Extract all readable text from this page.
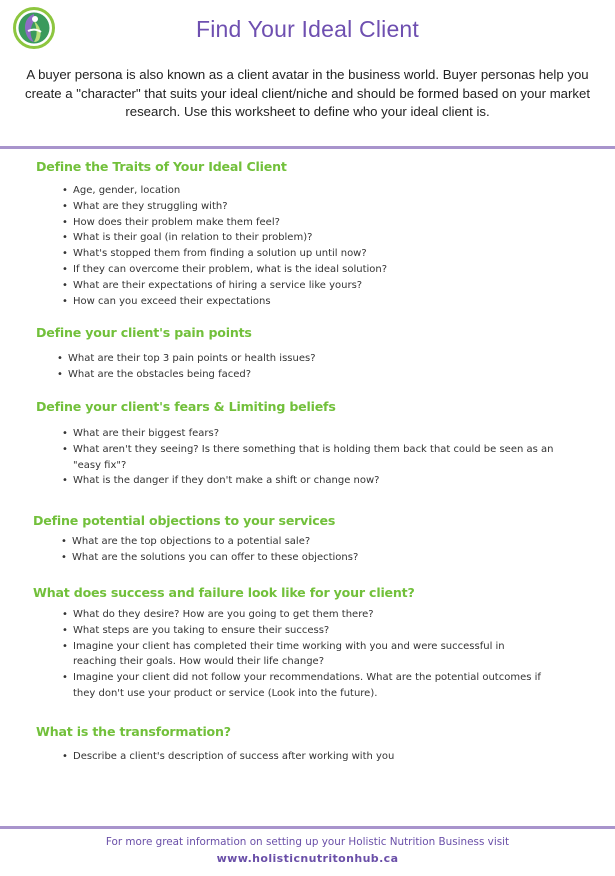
Find Your Ideal Client
A buyer persona is also known as a client avatar in the business world. Buyer personas help you create a "character" that suits your ideal client/niche and should be formed based on your market research. Use this worksheet to define who your ideal client is.
Define the Traits of Your Ideal Client
• Age, gender, location
• What are they struggling with?
• How does their problem make them feel?
• What is their goal (in relation to their problem)?
• What's stopped them from finding a solution up until now?
• If they can overcome their problem, what is the ideal solution?
• What are their expectations of hiring a service like yours?
• How can you exceed their expectations
Define your client's pain points
• What are their top 3 pain points or health issues?
• What are the obstacles being faced?
Define your client's fears & Limiting beliefs
• What are their biggest fears?
• What aren't they seeing? Is there something that is holding them back that could be seen as an "easy fix"?
• What is the danger if they don't make a shift or change now?
Define potential objections to your services
• What are the top objections to a potential sale?
• What are the solutions you can offer to these objections?
What does success and failure look like for your client?
• What do they desire? How are you going to get them there?
• What steps are you taking to ensure their success?
• Imagine your client has completed their time working with you and were successful in reaching their goals. How would their life change?
• Imagine your client did not follow your recommendations. What are the potential outcomes if they don't use your product or service (Look into the future).
What is the transformation?
• Describe a client's description of success after working with you
For more great information on setting up your Holistic Nutrition Business visit
www.holisticnutritonhub.ca
